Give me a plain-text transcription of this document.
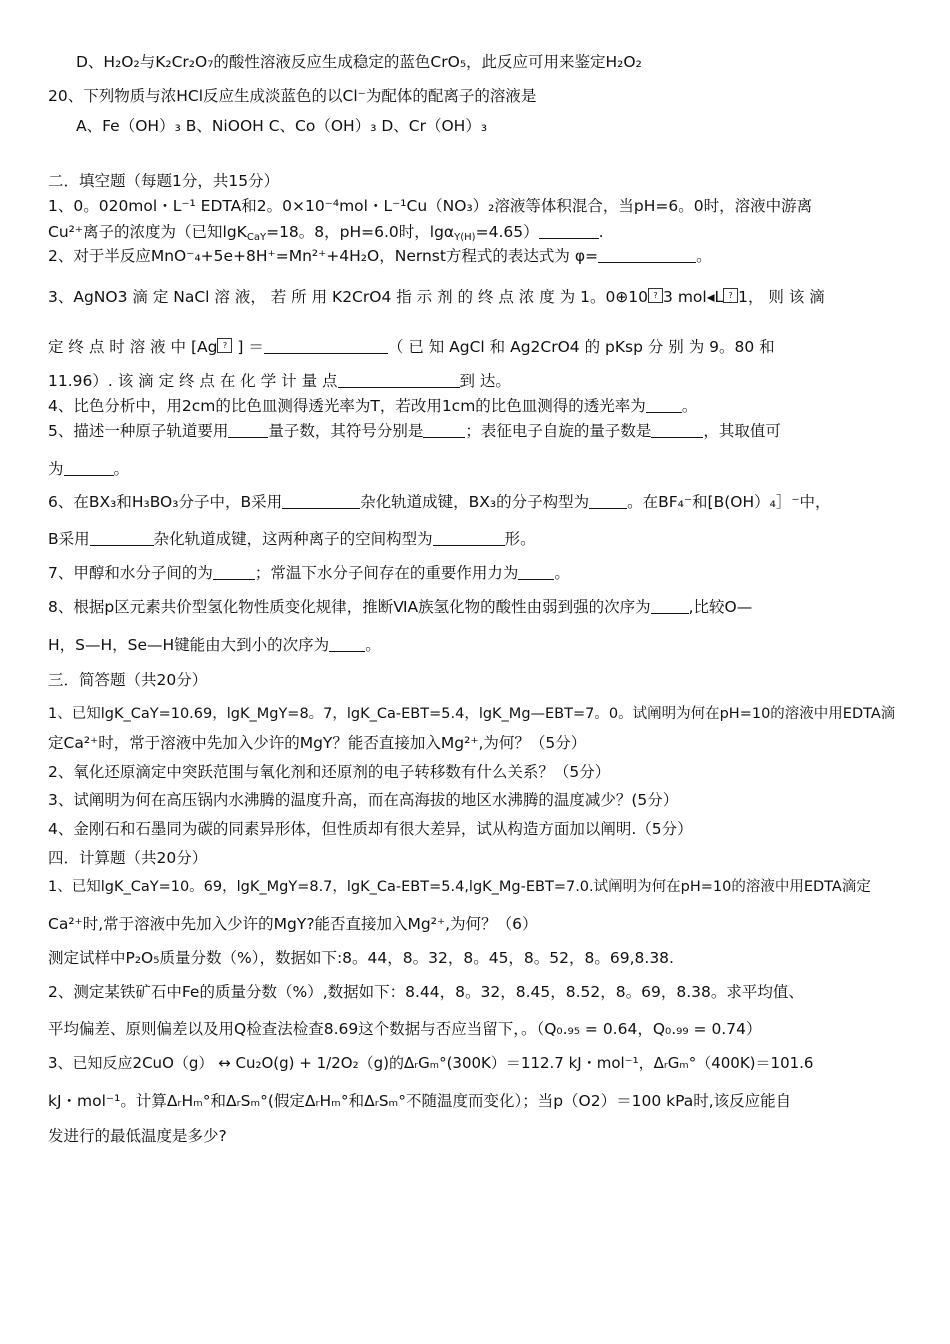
D、H₂O₂与K₂Cr₂O₇的酸性溶液反应生成稳定的蓝色CrO₅，此反应可用来鉴定H₂O₂
20、下列物质与浓HCl反应生成淡蓝色的以Cl⁻为配体的配离子的溶液是
A、Fe（OH）₃ B、NiOOH C、Co（OH）₃ D、Cr（OH）₃
二．填空题（每题1分，共15分）
1、0。020mol・L⁻¹ EDTA和2。0×10⁻⁴mol・L⁻¹Cu（NO₃）₂溶液等体积混合，当pH=6。0时，溶液中游离
Cu²⁺离子的浓度为（已知lgK$_{CaY}$=18。8，pH=6.0时，lgα$_{Y(H)}$=4.65）	.
2、对于半反应MnO⁻₄+5e+8H⁺=Mn²⁺+4H₂O，Nernst方程式的表达式为 φ=	。
3、AgNO3 滴 定 NaCl 溶 液， 若 所 用 K2CrO4 指 示 剂 的 终 点 浓 度 为 1。0⊕10 ? 3 mol◂L ? 1， 则 该 滴
定 终 点 时 溶 液 中 [Ag ? ] ＝	（ 已 知 AgCl 和 Ag2CrO4 的 pKsp 分 别 为 9。80 和
11.96）. 该 滴 定 终 点 在 化 学 计 量 点	到 达。
4、比色分析中，用2cm的比色皿测得透光率为T，若改用1cm的比色皿测得的透光率为 。
5、描述一种原子轨道要用	量子数，其符号分别是	；表征电子自旋的量子数是	，其取值可
为	。
6、在BX₃和H₃BO₃分子中，B采用	杂化轨道成键，BX₃的分子构型为 。在BF₄⁻和[B(OH）₄］⁻中，
B采用	杂化轨道成键，这两种离子的空间构型为	形。
7、甲醇和水分子间的为	；常温下水分子间存在的重要作用力为 。
8、根据p区元素共价型氢化物性质变化规律，推断ⅥA族氢化物的酸性由弱到强的次序为 ,比较O—
H，S—H，Se—H键能由大到小的次序为 。
三．简答题（共20分）
1、已知lgK_CaY=10.69，lgK_MgY=8。7，lgK_Ca-EBT=5.4，lgK_Mg—EBT=7。0。试阐明为何在pH=10的溶液中用EDTA滴
定Ca²⁺时，常于溶液中先加入少许的MgY？能否直接加入Mg²⁺,为何？（5分）
2、氧化还原滴定中突跃范围与氧化剂和还原剂的电子转移数有什么关系？（5分）
3、试阐明为何在高压锅内水沸腾的温度升高，而在高海拔的地区水沸腾的温度减少？(5分）
4、金刚石和石墨同为碳的同素异形体，但性质却有很大差异，试从构造方面加以阐明.（5分）
四．计算题（共20分）
1、已知lgK_CaY=10。69，lgK_MgY=8.7，lgK_Ca-EBT=5.4,lgK_Mg-EBT=7.0.试阐明为何在pH=10的溶液中用EDTA滴定
Ca²⁺时,常于溶液中先加入少许的MgY?能否直接加入Mg²⁺,为何？（6）
测定试样中P₂O₅质量分数（%），数据如下:8。44，8。32，8。45，8。52，8。69,8.38.
2、测定某铁矿石中Fe的质量分数（%）,数据如下：8.44，8。32，8.45，8.52，8。69，8.38。求平均值、
平均偏差、原则偏差以及用Q检查法检查8.69这个数据与否应当留下，。（Q₀.₉₅ = 0.64，Q₀.₉₉ = 0.74）
3、已知反应2CuO（g） ↔ Cu₂O(g) + 1/2O₂（g)的ΔᵣGₘ°(300K）＝112.7 kJ・mol⁻¹，ΔᵣGₘ°（400K)＝101.6
kJ・mol⁻¹。计算ΔᵣHₘ°和ΔᵣSₘ°(假定ΔᵣHₘ°和ΔᵣSₘ°不随温度而变化）；当p（O2）＝100 kPa时,该反应能自
发进行的最低温度是多少?
